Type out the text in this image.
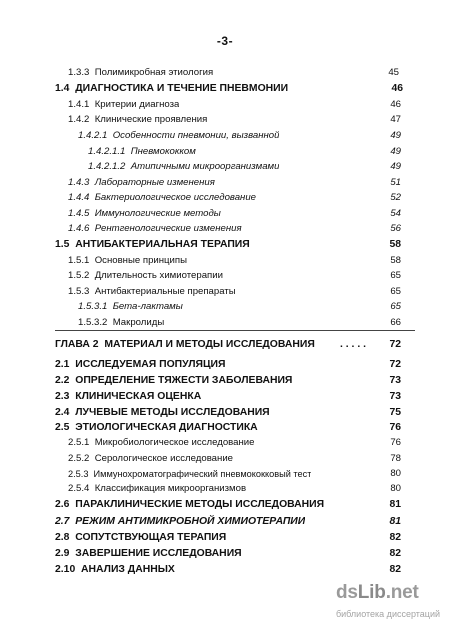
-3-
1.3.3 Полимикробная этиология	45
1.4 ДИАГНОСТИКА И ТЕЧЕНИЕ ПНЕВМОНИИ	46
1.4.1 Критерии диагноза	46
1.4.2 Клинические проявления	47
1.4.2.1 Особенности пневмонии, вызванной	49
1.4.2.1.1 Пневмококком	49
1.4.2.1.2 Атипичными микроорганизмами	49
1.4.3 Лабораторные изменения	51
1.4.4 Бактериологическое исследование	52
1.4.5 Иммунологические методы	54
1.4.6 Рентгенологические изменения	56
1.5 АНТИБАКТЕРИАЛЬНАЯ ТЕРАПИЯ	58
1.5.1 Основные принципы	58
1.5.2 Длительность химиотерапии	65
1.5.3 Антибактериальные препараты	65
1.5.3.1 Бета-лактамы	65
1.5.3.2 Макролиды	66
ГЛАВА 2 МАТЕРИАЛ И МЕТОДЫ ИССЛЕДОВАНИЯ . . . . . 72
2.1 ИССЛЕДУЕМАЯ ПОПУЛЯЦИЯ	72
2.2 ОПРЕДЕЛЕНИЕ ТЯЖЕСТИ ЗАБОЛЕВАНИЯ	73
2.3 КЛИНИЧЕСКАЯ ОЦЕНКА	73
2.4 ЛУЧЕВЫЕ МЕТОДЫ ИССЛЕДОВАНИЯ	75
2.5 ЭТИОЛОГИЧЕСКАЯ ДИАГНОСТИКА	76
2.5.1 Микробиологическое исследование	76
2.5.2 Серологическое исследование	78
2.5.3 Иммунохроматографический пневмококковый тест	80
2.5.4 Классификация микроорганизмов	80
2.6 ПАРАКЛИНИЧЕСКИЕ МЕТОДЫ ИССЛЕДОВАНИЯ	81
2.7 РЕЖИМ АНТИМИКРОБНОЙ ХИМИОТЕРАПИИ	81
2.8 СОПУТСТВУЮЩАЯ ТЕРАПИЯ	82
2.9 ЗАВЕРШЕНИЕ ИССЛЕДОВАНИЯ	82
2.10 АНАЛИЗ ДАННЫХ	82
dsLib.net
библиотека диссертаций
